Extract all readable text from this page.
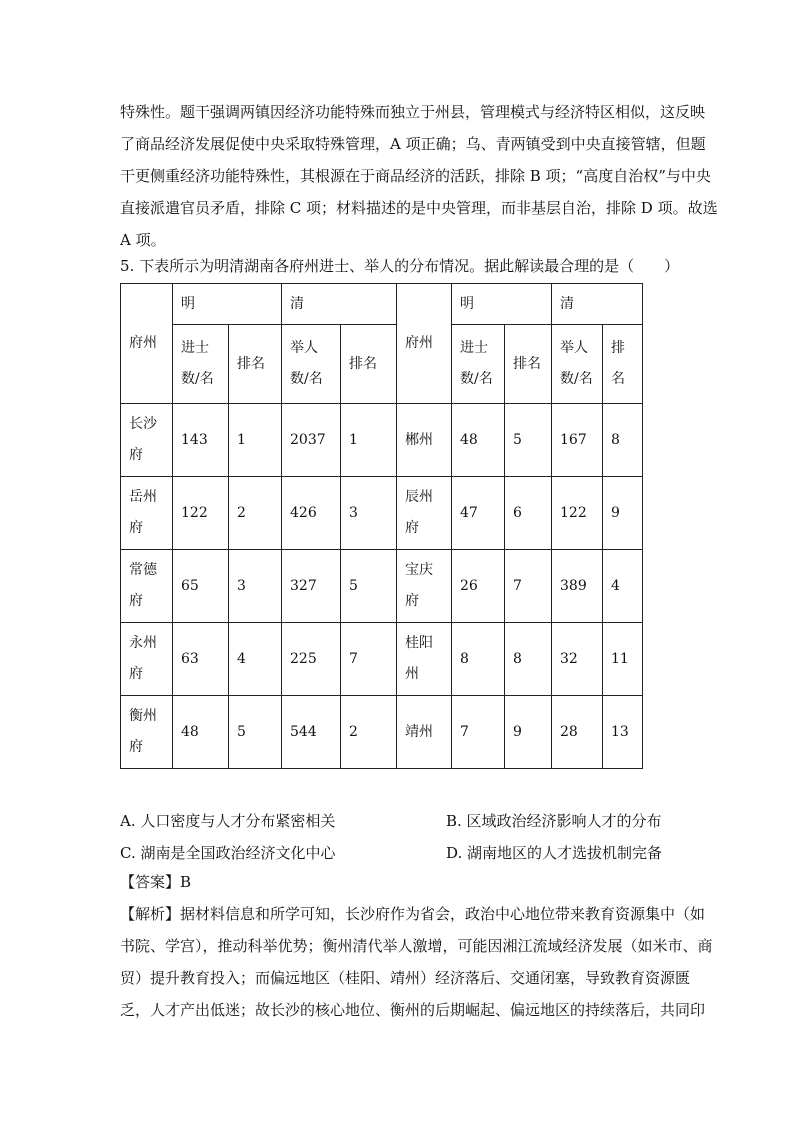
特殊性。题干强调两镇因经济功能特殊而独立于州县，管理模式与经济特区相似，这反映
了商品经济发展促使中央采取特殊管理，A 项正确；乌、青两镇受到中央直接管辖，但题
干更侧重经济功能特殊性，其根源在于商品经济的活跃，排除 B 项；“高度自治权”与中央
直接派遣官员矛盾，排除 C 项；材料描述的是中央管理，而非基层自治，排除 D 项。故选
A 项。
5. 下表所示为明清湖南各府州进士、举人的分布情况。据此解读最合理的是（　　）
府州	明		清		府州	明		清	
	进士数/名	排名	举人数/名	排名		进士数/名	排名	举人数/名	排名
长沙府	143	1	2037	1	郴州	48	5	167	8
岳州府	122	2	426	3	辰州府	47	6	122	9
常德府	65	3	327	5	宝庆府	26	7	389	4
永州府	63	4	225	7	桂阳州	8	8	32	11
衡州府	48	5	544	2	靖州	7	9	28	13
A. 人口密度与人才分布紧密相关	B. 区域政治经济影响人才的分布
C. 湖南是全国政治经济文化中心	D. 湖南地区的人才选拔机制完备
【答案】B
【解析】据材料信息和所学可知，长沙府作为省会，政治中心地位带来教育资源集中（如
书院、学宫），推动科举优势；衡州清代举人激增，可能因湘江流域经济发展（如米市、商
贸）提升教育投入；而偏远地区（桂阳、靖州）经济落后、交通闭塞，导致教育资源匮
乏，人才产出低迷；故长沙的核心地位、衡州的后期崛起、偏远地区的持续落后，共同印
